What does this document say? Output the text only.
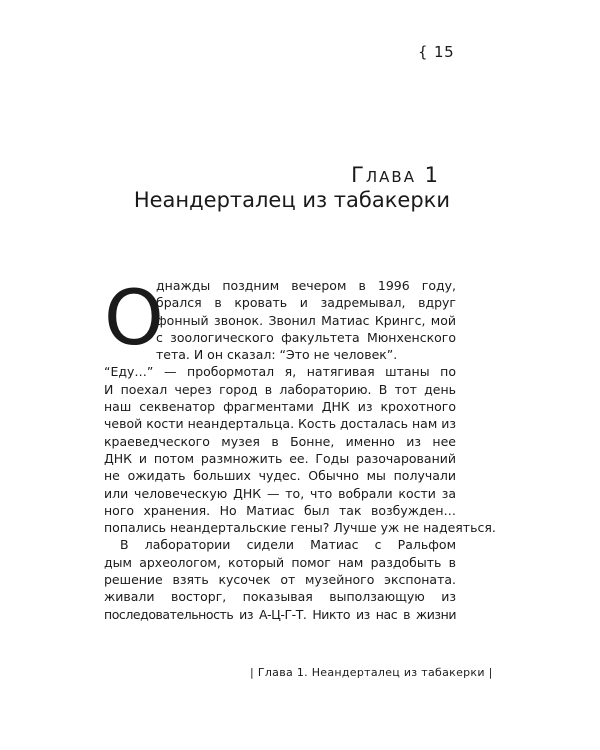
{ 15
Глава 1
Неандерталец из табакерки
О
днажды поздним вечером в 1996 году,
брался в кровать и задремывал, вдруг
фонный звонок. Звонил Матиас Крингс, мой
с зоологического факультета Мюнхенского
тета. И он сказал: “Это не человек”.
“Еду…” — пробормотал я, натягивая штаны по
И поехал через город в лабораторию. В тот день
наш секвенатор фрагментами ДНК из крохотного
чевой кости неандертальца. Кость досталась нам из
краеведческого музея в Бонне, именно из нее
ДНК и потом размножить ее. Годы разочарований
не ожидать больших чудес. Обычно мы получали
или человеческую ДНК — то, что вобрали кости за
ного хранения. Но Матиас был так возбужден…
попались неандертальские гены? Лучше уж не надеяться.
В лаборатории сидели Матиас с Ральфом
дым археологом, который помог нам раздобыть в
решение взять кусочек от музейного экспоната.
живали восторг, показывая выползающую из
последовательность из А-Ц-Г-Т. Никто из нас в жизни
| Глава 1. Неандерталец из табакерки |
